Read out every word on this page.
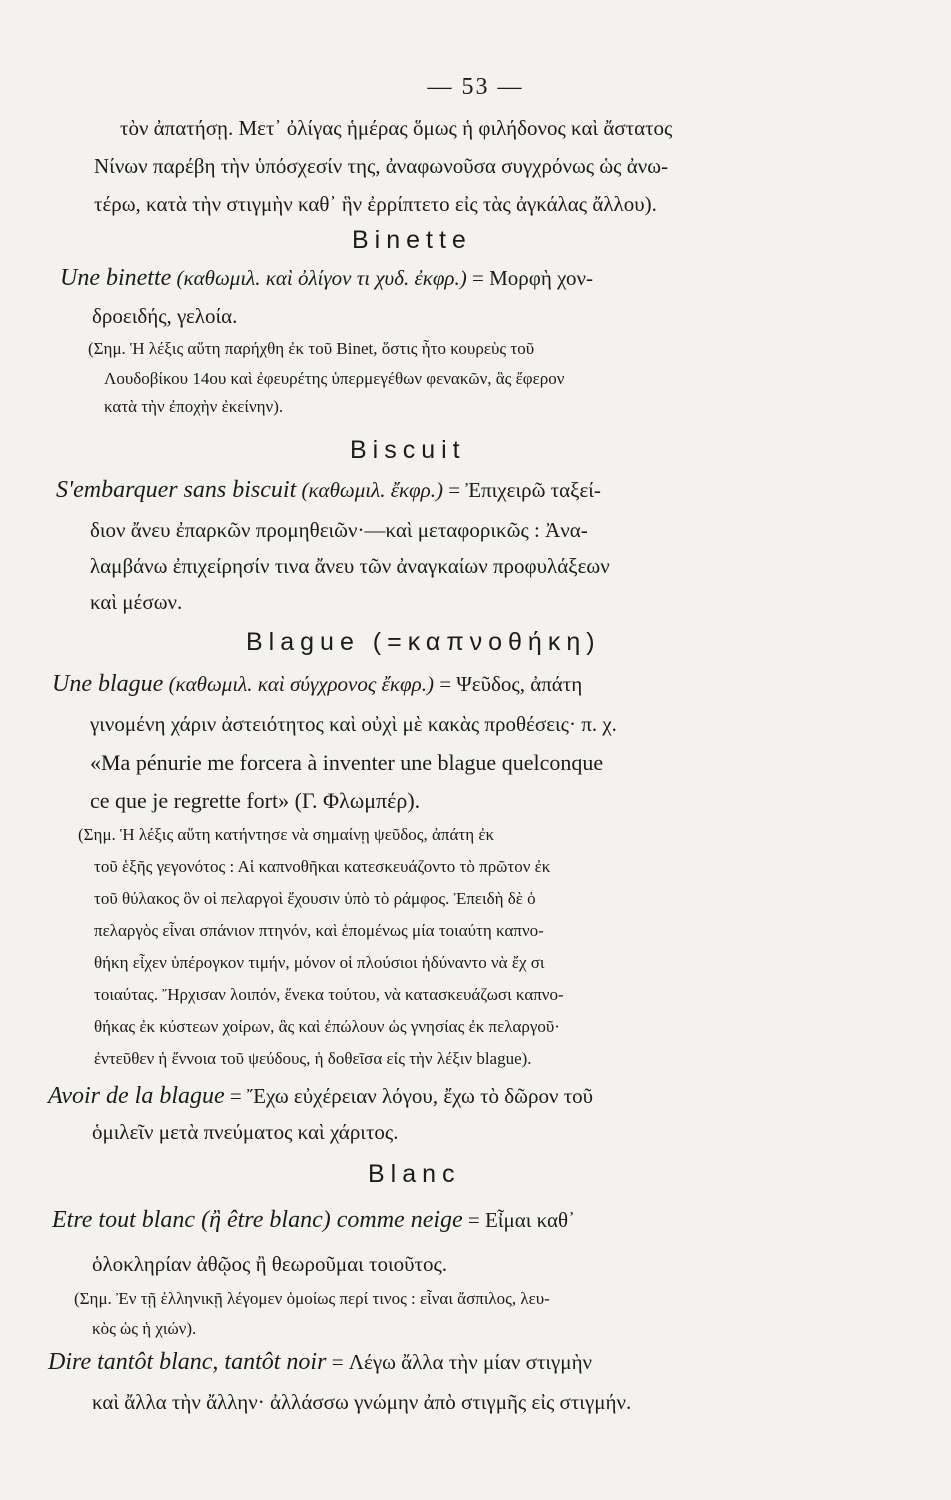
— 53 —
τὸν ἀπατήσῃ. Μετ᾽ ὀλίγας ἡμέρας ὅμως ἡ φιλήδονος καὶ ἄστατος
Νίνων παρέβη τὴν ὑπόσχεσίν της, ἀναφωνοῦσα συγχρόνως ὡς ἀνω-
τέρω, κατὰ τὴν στιγμὴν καθ᾽ ἣν ἐρρίπτετο εἰς τὰς ἀγκάλας ἄλλου).
Binette
Une binette (καθωμιλ. καὶ ὀλίγον τι χυδ. ἐκφρ.) = Μορφὴ χον-
δροειδής, γελοία.
(Σημ. Ἡ λέξις αὕτη παρήχθη ἐκ τοῦ Binet, ὅστις ἦτο κουρεὺς τοῦ
Λουδοβίκου 14ου καὶ ἐφευρέτης ὑπερμεγέθων φενακῶν, ἃς ἔφερον
κατὰ τὴν ἐποχὴν ἐκείνην).
Biscuit
S'embarquer sans biscuit (καθωμιλ. ἔκφρ.) = Ἐπιχειρῶ ταξεί-
διον ἄνευ ἐπαρκῶν προμηθειῶν·—καὶ μεταφορικῶς : Ἀνα-
λαμβάνω ἐπιχείρησίν τινα ἄνευ τῶν ἀναγκαίων προφυλάξεων
καὶ μέσων.
Blague (=καπνοθήκη)
Une blague (καθωμιλ. καὶ σύγχρονος ἔκφρ.) = Ψεῦδος, ἀπάτη
γινομένη χάριν ἀστειότητος καὶ οὐχὶ μὲ κακὰς προθέσεις· π. χ.
«Ma pénurie me forcera à inventer une blague quelconque
ce que je regrette fort» (Γ. Φλωμπέρ).
(Σημ. Ἡ λέξις αὕτη κατήντησε νὰ σημαίνῃ ψεῦδος, ἀπάτη ἐκ
τοῦ ἑξῆς γεγονότος : Αἱ καπνοθῆκαι κατεσκευάζοντο τὸ πρῶτον ἐκ
τοῦ θύλακος ὃν οἱ πελαργοὶ ἔχουσιν ὑπὸ τὸ ράμφος. Ἐπειδὴ δὲ ὁ
πελαργὸς εἶναι σπάνιον πτηνόν, καὶ ἑπομένως μία τοιαύτη καπνο-
θήκη εἶχεν ὑπέρογκον τιμήν, μόνον οἱ πλούσιοι ἠδύναντο νὰ ἔχ σι
τοιαύτας. Ἤρχισαν λοιπόν, ἕνεκα τούτου, νὰ κατασκευάζωσι καπνο-
θήκας ἐκ κύστεων χοίρων, ἃς καὶ ἐπώλουν ὡς γνησίας ἐκ πελαργοῦ·
ἐντεῦθεν ἡ ἔννοια τοῦ ψεύδους, ἡ δοθεῖσα εἰς τὴν λέξιν blague).
Avoir de la blague = Ἔχω εὐχέρειαν λόγου, ἔχω τὸ δῶρον τοῦ
ὁμιλεῖν μετὰ πνεύματος καὶ χάριτος.
Blanc
Etre tout blanc (ἢ être blanc) comme neige = Εἶμαι καθ᾽
ὁλοκληρίαν ἀθῷος ἢ θεωροῦμαι τοιοῦτος.
(Σημ. Ἐν τῇ ἑλληνικῇ λέγομεν ὁμοίως περί τινος : εἶναι ἄσπιλος, λευ-
κὸς ὡς ἡ χιών).
Dire tantôt blanc, tantôt noir = Λέγω ἄλλα τὴν μίαν στιγμὴν
καὶ ἄλλα τὴν ἄλλην· ἀλλάσσω γνώμην ἀπὸ στιγμῆς εἰς στιγμήν.
